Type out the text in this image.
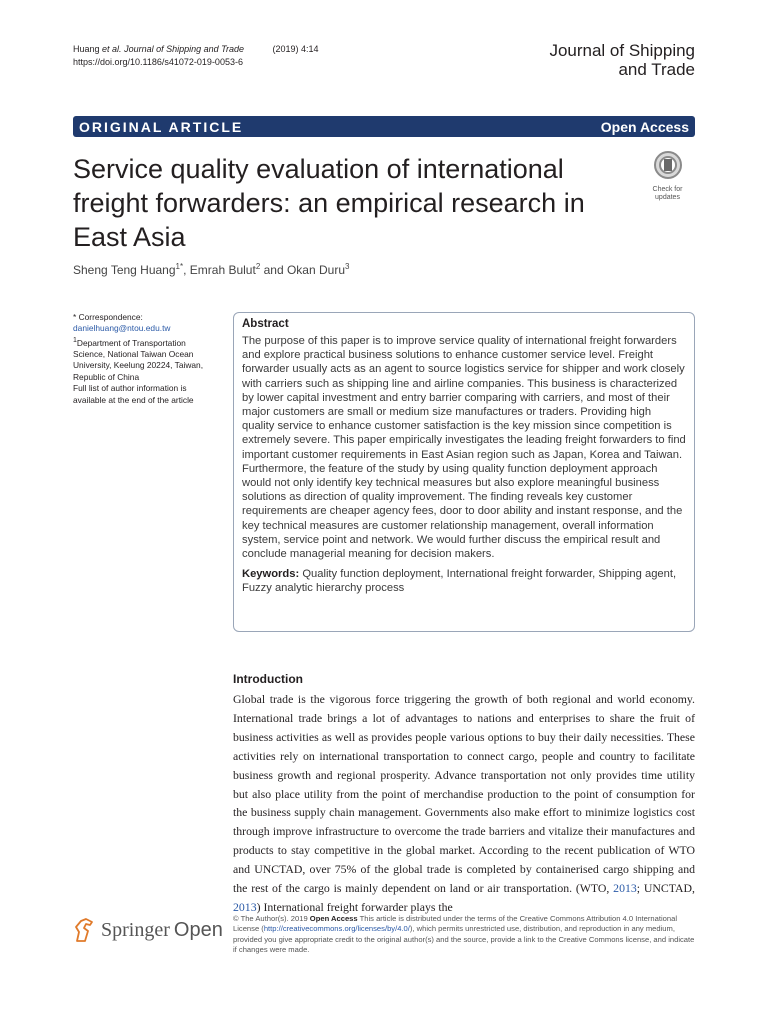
Huang et al. Journal of Shipping and Trade	(2019) 4:14
https://doi.org/10.1186/s41072-019-0053-6
Journal of Shipping
and Trade
ORIGINAL ARTICLE	Open Access
Service quality evaluation of international freight forwarders: an empirical research in East Asia
Check for
updates
Sheng Teng Huang$^{1*}$, Emrah Bulut$^2$ and Okan Duru$^3$
* Correspondence: danielhuang@ntou.edu.tw
$^1$Department of Transportation Science, National Taiwan Ocean University, Keelung 20224, Taiwan, Republic of China
Full list of author information is available at the end of the article
Abstract

The purpose of this paper is to improve service quality of international freight forwarders and explore practical business solutions to enhance customer service level. Freight forwarder usually acts as an agent to source logistics service for shipper and work closely with carriers such as shipping line and airline companies. This business is characterized by lower capital investment and entry barrier comparing with carriers, and most of their major customers are small or medium size manufactures or traders. Providing high quality service to enhance customer satisfaction is the key mission since competition is extremely severe. This paper empirically investigates the leading freight forwarders to find important customer requirements in East Asian region such as Japan, Korea and Taiwan. Furthermore, the feature of the study by using quality function deployment approach would not only identify key technical measures but also explore meaningful business solutions as direction of quality improvement. The finding reveals key customer requirements are cheaper agency fees, door to door ability and instant response, and the key technical measures are customer relationship management, overall information system, service point and network. We would further discuss the empirical result and conclude managerial meaning for decision makers.

Keywords: Quality function deployment, International freight forwarder, Shipping agent, Fuzzy analytic hierarchy process

Introduction
Global trade is the vigorous force triggering the growth of both regional and world economy. International trade brings a lot of advantages to nations and enterprises to share the fruit of business activities as well as provides people various options to buy their daily necessities. These activities rely on international transportation to connect cargo, people and country to facilitate business growth and regional prosperity. Advance transportation not only provides time utility but also place utility from the point of merchandise production to the point of consumption for the business supply chain management. Governments also make effort to minimize logistics cost through improve infrastructure to overcome the trade barriers and vitalize their manufactures and products to stay competitive in the global market. According to the recent publication of WTO and UNCTAD, over 75% of the global trade is completed by containerised cargo shipping and the rest of the cargo is mainly dependent on land or air transportation. (WTO, 2013; UNCTAD, 2013) International freight forwarder plays the
Springer Open © The Author(s). 2019 Open Access This article is distributed under the terms of the Creative Commons Attribution 4.0 International License (http://creativecommons.org/licenses/by/4.0/), which permits unrestricted use, distribution, and reproduction in any medium, provided you give appropriate credit to the original author(s) and the source, provide a link to the Creative Commons license, and indicate if changes were made.
